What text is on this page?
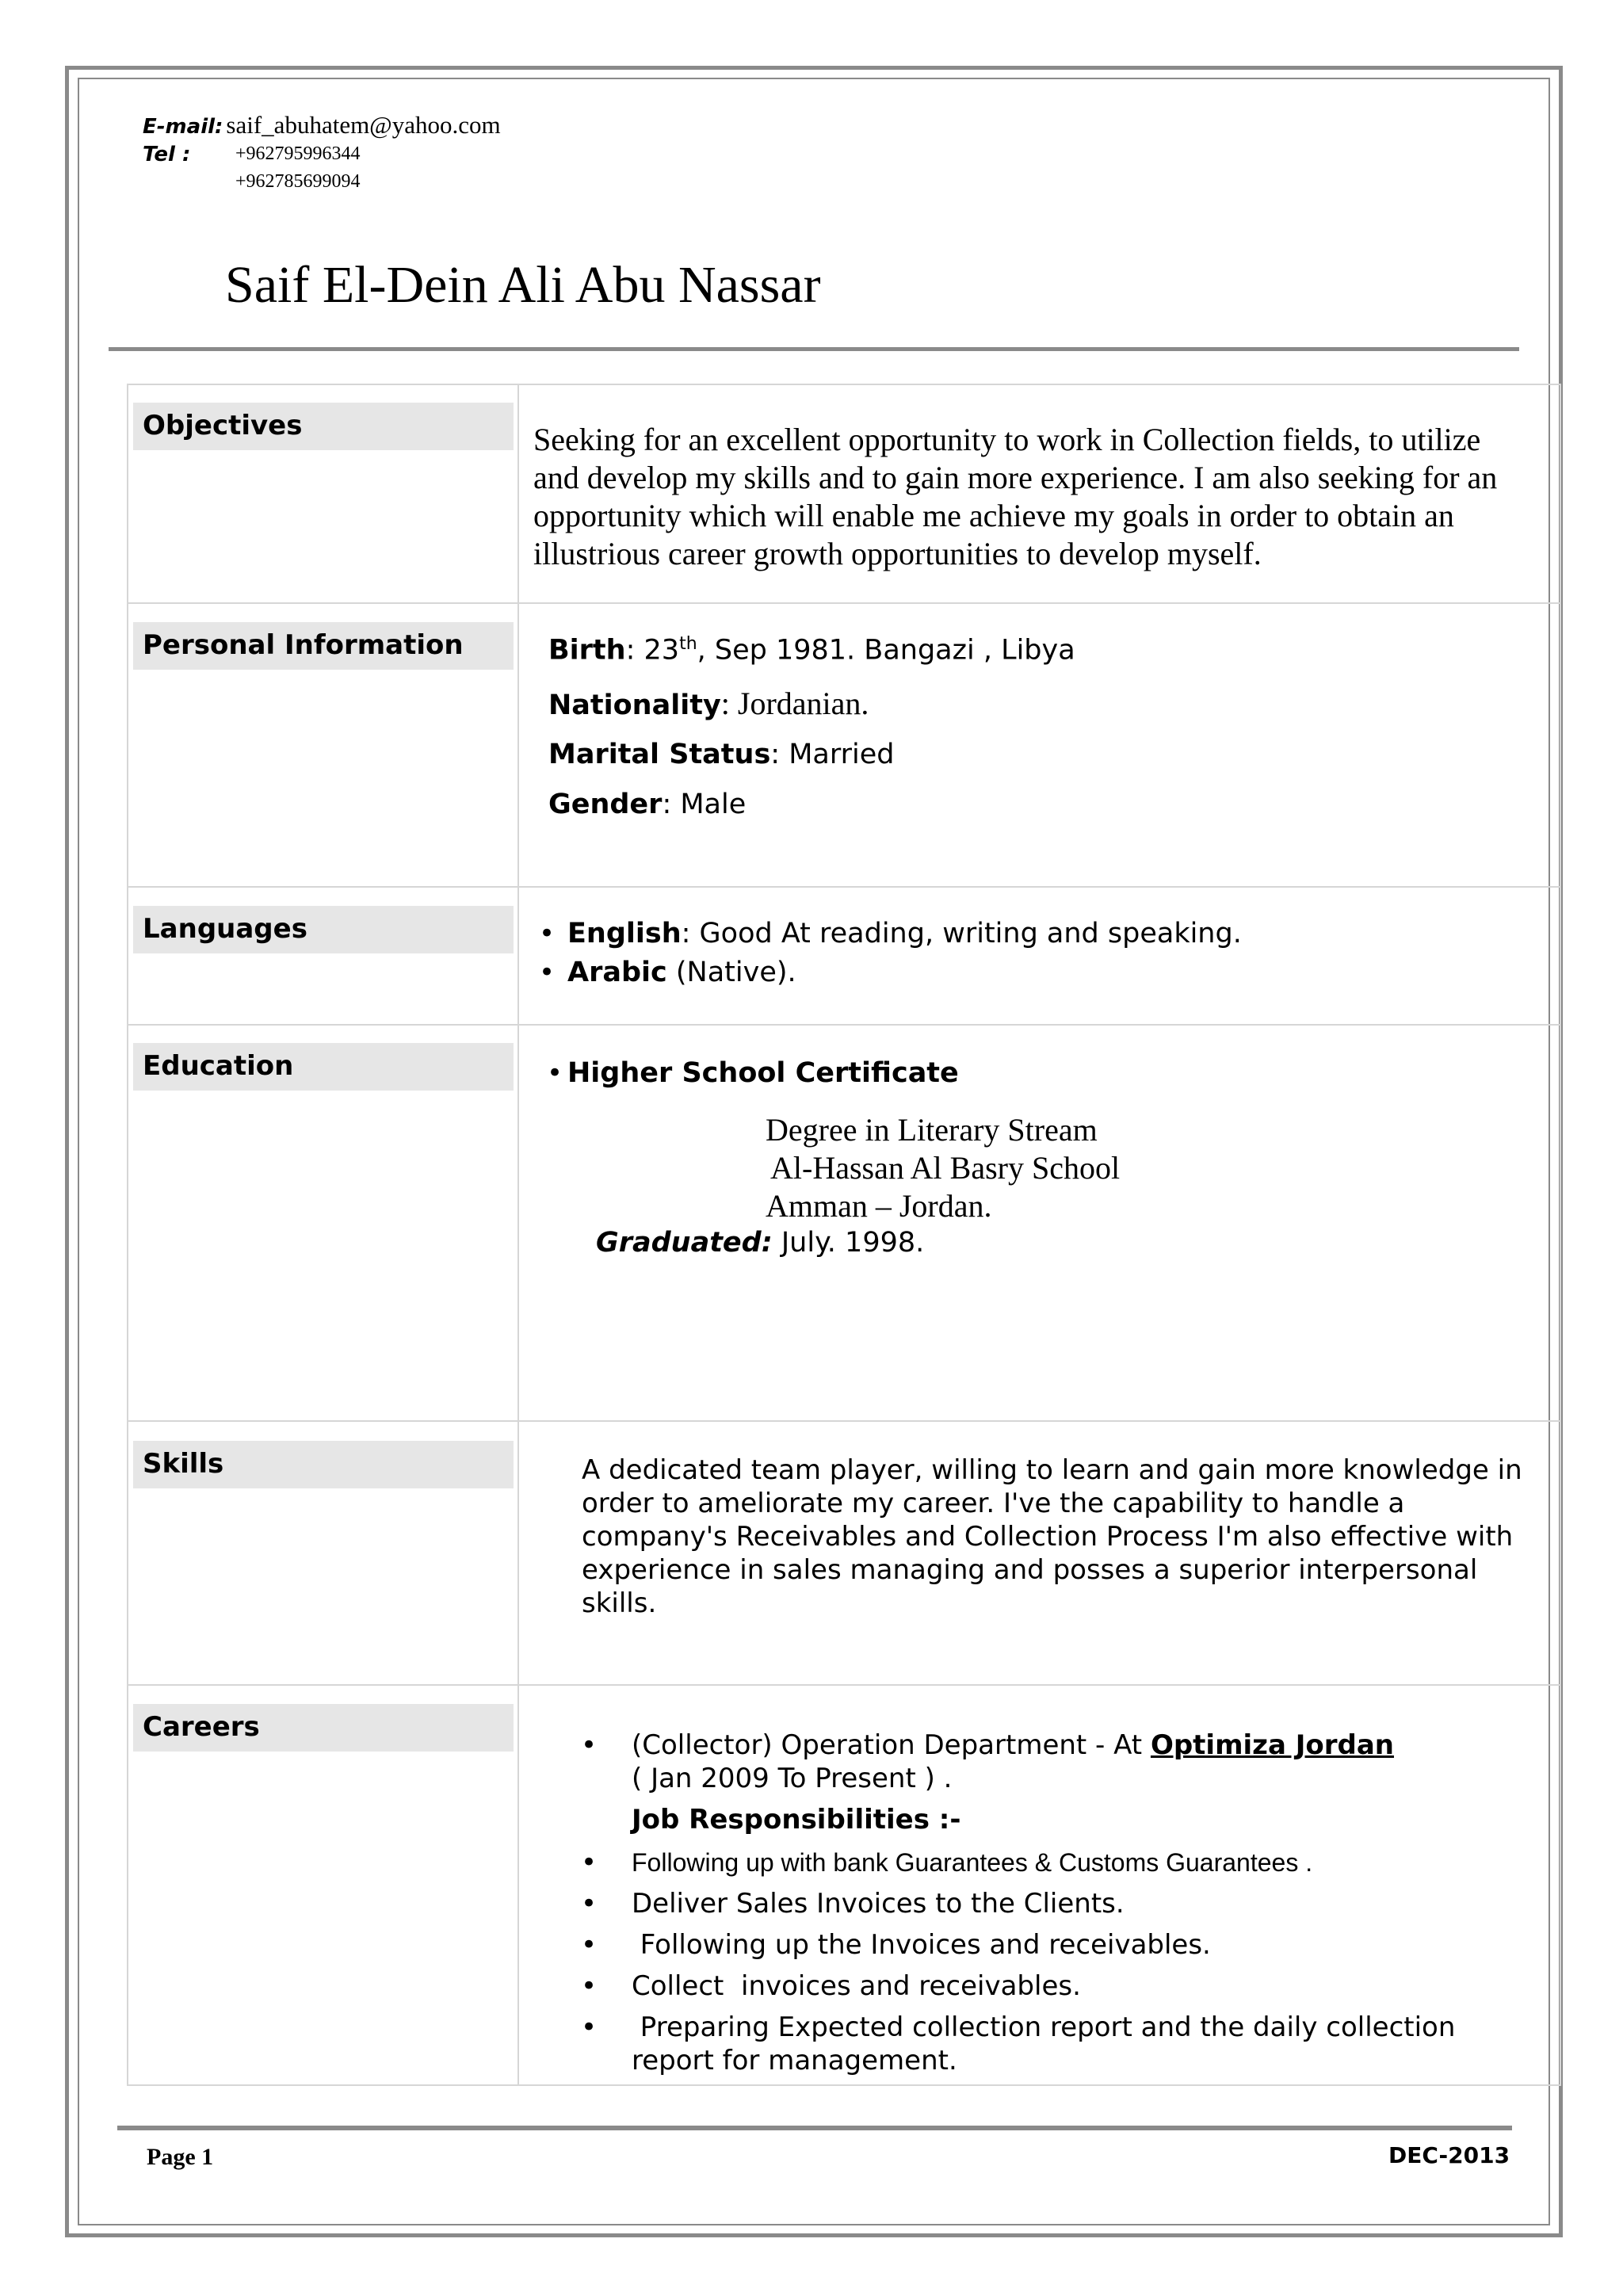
E-mail: saif_abuhatem@yahoo.com
Tel : +962795996344
+962785699094
Saif El-Dein Ali Abu Nassar
Objectives	Seeking for an excellent opportunity to work in Collection fields, to utilize
and develop my skills and to gain more experience. I am also seeking for an
opportunity which will enable me achieve my goals in order to obtain an
illustrious career growth opportunities to develop myself.
Personal Information	Birth: 23th, Sep 1981. Bangazi , Libya
Nationality: Jordanian.
Marital Status: Married
Gender: Male
Languages	• English: Good At reading, writing and speaking.
• Arabic (Native).
Education	• Higher School Certificate
Degree in Literary Stream
Al-Hassan Al Basry School
Amman – Jordan.
Graduated: July. 1998.
Skills	A dedicated team player, willing to learn and gain more knowledge in
order to ameliorate my career. I've the capability to handle a
company's Receivables and Collection Process I'm also effective with
experience in sales managing and posses a superior interpersonal
skills.
Careers
• (Collector) Operation Department - At Optimiza Jordan
( Jan 2009 To Present ) .
Job Responsibilities :-
• Following up with bank Guarantees & Customs Guarantees .
• Deliver Sales Invoices to the Clients.
• Following up the Invoices and receivables.
• Collect  invoices and receivables.
• Preparing Expected collection report and the daily collection
report for management.
Page 1	DEC-2013
